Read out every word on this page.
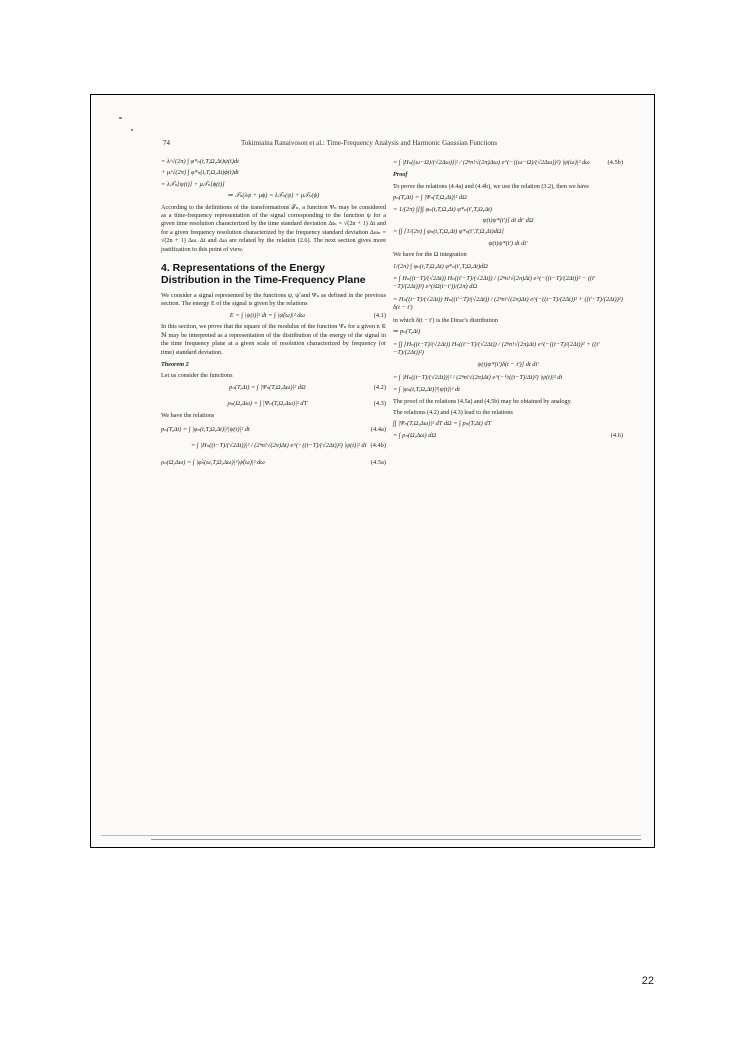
74	Tokimiaina Ranaivoson et al.: Time-Frequency Analysis and Harmonic Gaussian Functions
= λ/√(2π) ∫ φ*ₙ(t,T,Ω,Δt)ψ(t)dt
+ μ/√(2π) ∫ φ*ₙ(t,T,Ω,Δt)ϕ(t)dt
= λ𝒯ₙ[ψ(t)] + μ𝒯ₙ[ϕ(t)]
⇒ 𝒯ₙ(λψ + μϕ) = λ𝒯ₙ(ψ) + μ𝒯ₙ(ϕ)
According to the definitions of the transformations 𝒯ₙ, a function Ψₙ may be considered as a time-frequency representation of the signal corresponding to the function ψ for a given time resolution characterized by the time standard deviation Δtₙ = √(2n + 1) Δt and for a given frequency resolution characterized by the frequency standard deviation Δωₙ = √(2n + 1) Δω. Δt and Δω are related by the relation (2.6). The next section gives more justification to this point of view.
4. Representations of the Energy Distribution in the Time-Frequency Plane
We consider a signal represented by the functions ψ, ψ̃ and Ψₙ as defined in the previous section. The energy E of the signal is given by the relations
E = ∫ |ψ(t)|² dt = ∫ |ψ̃(ω)|² dω	(4.1)
In this section, we prove that the square of the modulus of the function Ψₙ for a given n ∈ ℕ may be interpreted as a representation of the distribution of the energy of the signal in the time frequency plane at a given scale of resolution characterized by frequency (or time) standard deviation.
Theorem 2
Let us consider the functions
pₙ(T,Δt) = ∫ |Ψₙ(T,Ω,Δω)|² dΩ	(4.2)
ρₙ(Ω,Δω) = ∫ |Ψₙ(T,Ω,Δω)|² dT	(4.3)
We have the relations
pₙ(T,Δt) = ∫ |φₙ(t,T,Ω,Δt)|²|ψ(t)|² dt	(4.4a)
= ∫ |Hₙ((t−T)/(√2Δt))|² / (2ⁿn!√(2π)Δt) e^(−((t−T)/(√2Δt))²) |ψ(t)|² dt (4.4b)
ρₙ(Ω,Δω) = ∫ |φ̃ₙ(ω,T,Ω,Δω)|²|ψ̃(ω)|² dω	(4.5a)
= ∫ |Hₙ((ω−Ω)/(√2Δω))|² / (2ⁿn!√(2π)Δω) e^(−((ω−Ω)/(√2Δω))²) |ψ(ω)|² dω	(4.5b)
Proof
To prove the relations (4.4a) and (4.4b), we use the relation (3.2), then we have
pₙ(T,Δt) = ∫ |Ψₙ(T,Ω,Δt)|² dΩ
= 1/(2π) ∫[∫∫ φₙ(t,T,Ω,Δt) φ*ₙ(t′,T,Ω,Δt)
ψ(t)ψ*(t′)] dt dt′ dΩ
= ∫∫ [1/(2π) ∫ φₙ(t,T,Ω,Δt) φ*ₙ(t′,T,Ω,Δt)dΩ]
ψ(t)ψ*(t′) dt dt′
We have for the Ω integration
1/(2π) ∫ φₙ(t,T,Ω,Δt) φ*ₙ(t′,T,Ω,Δt)dΩ
= ∫ Hₙ((t−T)/(√2Δt)) Hₙ((t′−T)/(√2Δt)) / (2ⁿn!√(2π)Δt) e^(−((t−T)/(2Δt))² − ((t′−T)/(2Δt))²) e^(iΩ(t−t′))/(2π) dΩ
= Hₙ((t−T)/(√2Δt)) Hₙ((t′−T)/(√2Δt)) / (2ⁿn!√(2π)Δt) e^(−((t−T)/(2Δt))² + ((t′−T)/(2Δt))²) δ(t − t′)
in which δ(t − t′) is the Dirac's distribution
⇒ pₙ(T,Δt)
= ∫∫ [Hₙ((t−T)/(√2Δt)) Hₙ((t′−T)/(√2Δt)) / (2ⁿn!√(2π)Δt) e^(−((t−T)/(2Δt))² + ((t′−T)/(2Δt))²)
ψ(t)ψ*(t′)δ(t − t′)] dt dt′
= ∫ |Hₙ((t−T)/(√2Δt))|² / (2ⁿn!√(2π)Δt) e^(−½((t−T)/Δt)²) |ψ(t)|² dt
= ∫ |φₙ(t,T,Ω,Δt)|²|ψ(t)|² dt
The proof of the relations (4.5a) and (4.5b) may be obtained by analogy.
The relations (4.2) and (4.3) lead to the relations
∫∫ |Ψₙ(T,Ω,Δω)|² dT dΩ = ∫ pₙ(T,Δt) dT
= ∫ ρₙ(Ω,Δω) dΩ	(4.6)
22
